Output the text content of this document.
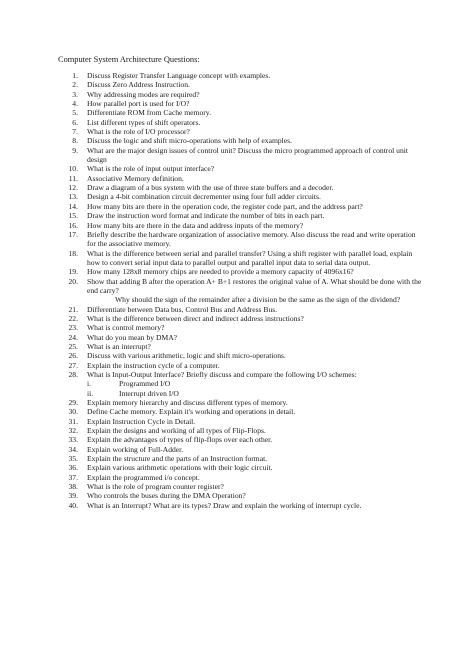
Computer System Architecture Questions:
1. Discuss Register Transfer Language concept with examples.
2. Discuss Zero Address Instruction.
3. Why addressing modes are required?
4. How parallel port is used for I/O?
5. Differentiate ROM from Cache memory.
6. List different types of shift operators.
7. What is the role of I/O processor?
8. Discuss the logic and shift micro-operations with help of examples.
9. What are the major design issues of control unit? Discuss the micro programmed approach of control unit design
10. What is the role of input output interface?
11. Associative Memory definition.
12. Draw a diagram of a bus system with the use of three state buffers and a decoder.
13. Design a 4-bit combination circuit decrementer using four full adder circuits.
14. How many bits are there in the operation code, the register code part, and the address part?
15. Draw the instruction word format and indicate the number of bits in each part.
16. How many bits are there in the data and address inputs of the memory?
17. Briefly describe the hardware organization of associative memory. Also discuss the read and write operation for the associative memory.
18. What is the difference between serial and parallel transfer? Using a shift register with parallel load, explain how to convert serial input data to parallel output and parallel input data to serial data output.
19. How many 128x8 memory chips are needed to provide a memory capacity of 4096x16?
20. Show that adding B after the operation A+ B+1 restores the original value of A. What should be done with the end carry?
Why should the sign of the remainder after a division be the same as the sign of the dividend?
21. Differentiate between Data bus, Control Bus and Address Bus.
22. What is the difference between direct and indirect address instructions?
23. What is control memory?
24. What do you mean by DMA?
25. What is an interrupt?
26. Discuss with various arithmetic, logic and shift micro-operations.
27. Explain the instruction cycle of a computer.
28. What is Input-Output Interface? Briefly discuss and compare the following I/O schemes:
i.	Programmed I/O
ii.	Interrupt driven I/O
29. Explain memory hierarchy and discuss different types of memory.
30. Define Cache memory. Explain it's working and operations in detail.
31. Explain Instruction Cycle in Detail.
32. Explain the designs and working of all types of Flip-Flops.
33. Explain the advantages of types of flip-flops over each other.
34. Explain working of Full-Adder.
35. Explain the structure and the parts of an Instruction format.
36. Explain various arithmetic operations with their logic circuit.
37. Explain the programmed i/o concept.
38. What is the role of program counter register?
39. Who controls the buses during the DMA Operation?
40. What is an Interrupt? What are its types? Draw and explain the working of interrupt cycle.
